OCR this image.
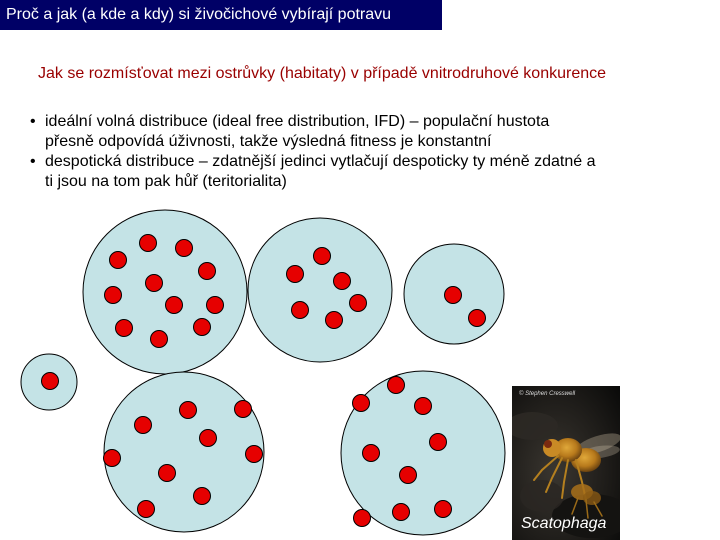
Proč a jak (a kde a kdy) si živočichové vybírají potravu
Jak se rozmísťovat mezi ostrůvky (habitaty) v případě vnitrodruhové konkurence
• ideální volná distribuce (ideal free distribution, IFD) – populační hustota
přesně odpovídá úživnosti, takže výsledná fitness je konstantní
• despotická distribuce – zdatnější jedinci vytlačují despoticky ty méně zdatné a
ti jsou na tom pak hůř (teritorialita)
© Stephen Cresswell
Scatophaga
